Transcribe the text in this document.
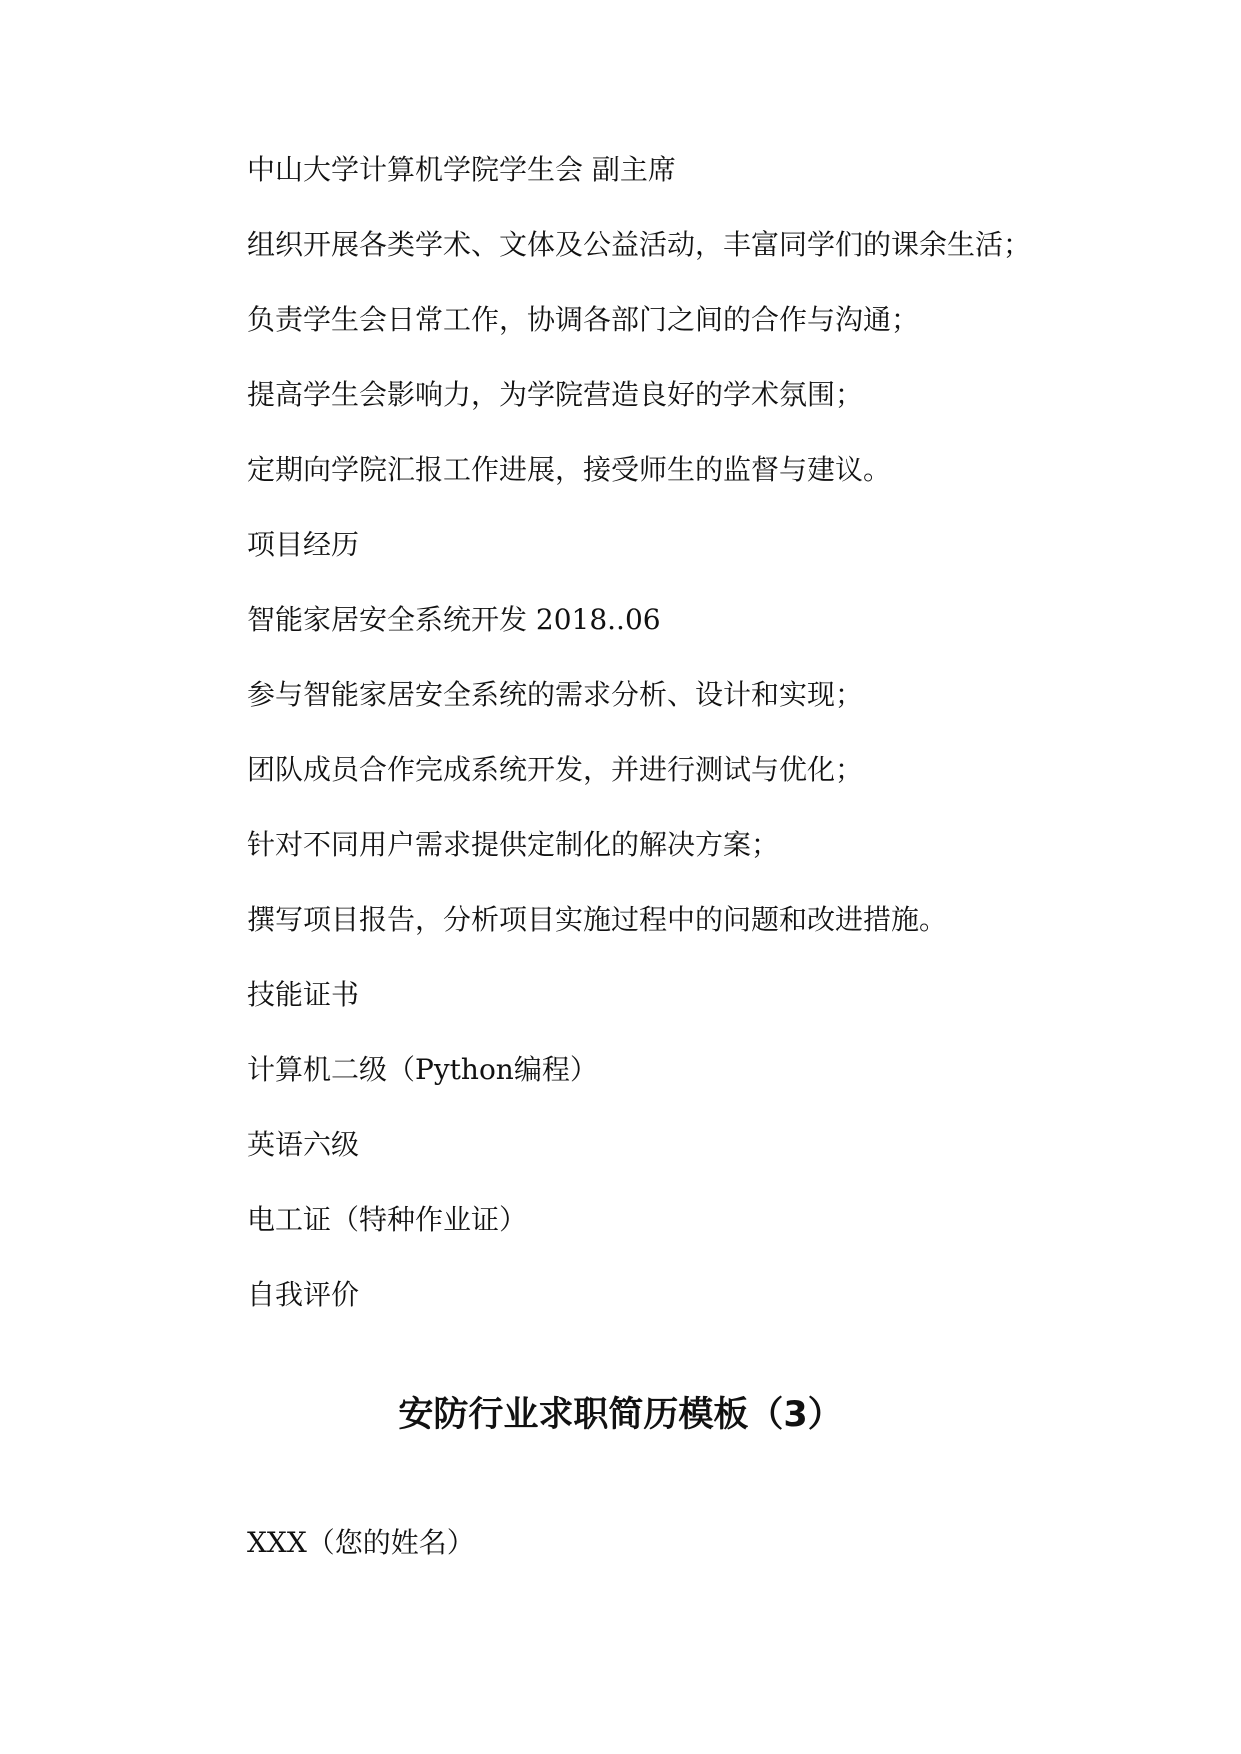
中山大学计算机学院学生会 副主席

组织开展各类学术、文体及公益活动，丰富同学们的课余生活；

负责学生会日常工作，协调各部门之间的合作与沟通；

提高学生会影响力，为学院营造良好的学术氛围；

定期向学院汇报工作进展，接受师生的监督与建议。

项目经历

智能家居安全系统开发 2018..06

参与智能家居安全系统的需求分析、设计和实现；

团队成员合作完成系统开发，并进行测试与优化；

针对不同用户需求提供定制化的解决方案；

撰写项目报告，分析项目实施过程中的问题和改进措施。

技能证书

计算机二级（Python编程）

英语六级

电工证（特种作业证）

自我评价

安防行业求职简历模板（3）

XXX（您的姓名）
